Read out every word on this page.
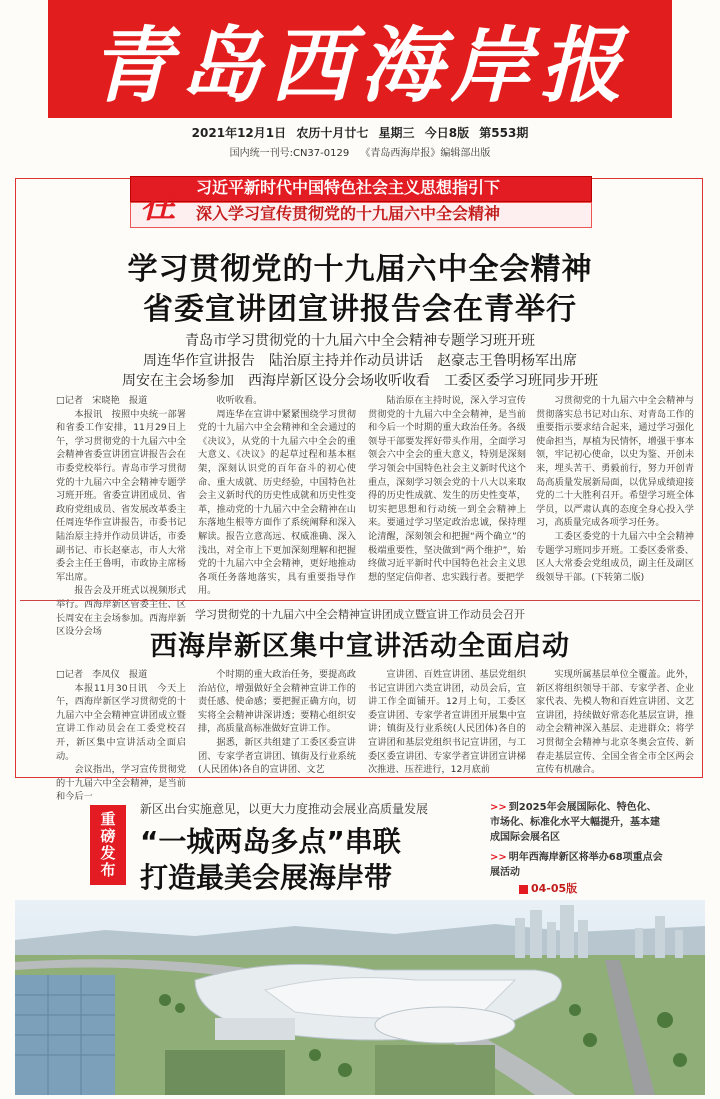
青岛西海岸报
2021年12月1日 农历十月廿七 星期三 今日8版 第553期
国内统一刊号:CN37-0129 《青岛西海岸报》编辑部出版
在	习近平新时代中国特色社会主义思想指引下
深入学习宣传贯彻党的十九届六中全会精神
学习贯彻党的十九届六中全会精神
省委宣讲团宣讲报告会在青举行
青岛市学习贯彻党的十九届六中全会精神专题学习班开班
周连华作宣讲报告　陆治原主持并作动员讲话　赵豪志王鲁明杨军出席
周安在主会场参加　西海岸新区设分会场收听收看　工委区委学习班同步开班

□记者　宋晓艳　报道

本报讯　按照中央统一部署和省委工作安排，11月29日上午，学习贯彻党的十九届六中全会精神省委宣讲团宣讲报告会在市委党校举行。青岛市学习贯彻党的十九届六中全会精神专题学习班开班。省委宣讲团成员、省政府党组成员、省发展改革委主任周连华作宣讲报告，市委书记陆治原主持并作动员讲话，市委副书记、市长赵豪志，市人大常委会主任王鲁明，市政协主席杨军出席。

报告会及开班式以视频形式举行。西海岸新区管委主任、区长周安在主会场参加。西海岸新区设分会场

收听收看。

周连华在宣讲中紧紧围绕学习贯彻党的十九届六中全会精神和全会通过的《决议》，从党的十九届六中全会的重大意义、《决议》的起草过程和基本框架，深刻认识党的百年奋斗的初心使命、重大成就、历史经验，中国特色社会主义新时代的历史性成就和历史性变革，推动党的十九届六中全会精神在山东落地生根等方面作了系统阐释和深入解读。报告立意高远、权威准确、深入浅出，对全市上下更加深刻理解和把握党的十九届六中全会精神，更好地推动各项任务落地落实，具有重要指导作用。

陆治原在主持时说，深入学习宣传贯彻党的十九届六中全会精神，是当前和今后一个时期的重大政治任务。各级领导干部要发挥好带头作用，全面学习领会六中全会的重大意义，特别是深刻学习领会中国特色社会主义新时代这个重点，深刻学习领会党的十八大以来取得的历史性成就、发生的历史性变革，切实把思想和行动统一到全会精神上来。要通过学习坚定政治忠诚，保持理论清醒，深刻领会和把握“两个确立”的极端重要性，坚决做到“两个维护”，始终做习近平新时代中国特色社会主义思想的坚定信仰者、忠实践行者。要把学

习贯彻党的十九届六中全会精神与贯彻落实总书记对山东、对青岛工作的重要指示要求结合起来，通过学习强化使命担当，厚植为民情怀，增强干事本领，牢记初心使命，以史为鉴、开创未来，埋头苦干、勇毅前行，努力开创青岛高质量发展新局面，以优异成绩迎接党的二十大胜利召开。希望学习班全体学员，以严肃认真的态度全身心投入学习，高质量完成各项学习任务。

工委区委党的十九届六中全会精神专题学习班同步开班。工委区委常委、区人大常委会党组成员，副主任及副区级领导干部。(下转第二版)

学习贯彻党的十九届六中全会精神宣讲团成立暨宣讲工作动员会召开
西海岸新区集中宣讲活动全面启动

□记者　李凤仪　报道

本报11月30日讯　今天上午，西海岸新区学习贯彻党的十九届六中全会精神宣讲团成立暨宣讲工作动员会在工委党校召开，新区集中宣讲活动全面启动。

会议指出，学习宣传贯彻党的十九届六中全会精神，是当前和今后一

个时期的重大政治任务，要提高政治站位，增强做好全会精神宣讲工作的责任感、使命感；要把握正确方向，切实将全会精神讲深讲透；要精心组织安排，高质量高标准做好宣讲工作。

据悉，新区共组建了工委区委宣讲团、专家学者宣讲团、镇街及行业系统(人民团体)各自的宣讲团、文艺

宣讲团、百姓宣讲团、基层党组织书记宣讲团六类宣讲团，动员会后，宣讲工作全面铺开。12月上旬，工委区委宣讲团、专家学者宣讲团开展集中宣讲；镇街及行业系统(人民团体)各自的宣讲团和基层党组织书记宣讲团，与工委区委宣讲团、专家学者宣讲团宣讲梯次推进、压茬进行，12月底前

实现所属基层单位全覆盖。此外，新区将组织领导干部、专家学者、企业家代表、先模人物和百姓宣讲团、文艺宣讲团，持续做好常态化基层宣讲，推动全会精神深入基层、走进群众；将学习贯彻全会精神与北京冬奥会宣传、新春走基层宣传、全国全省全市全区两会宣传有机融合。

重磅发布
新区出台实施意见，以更大力度推动会展业高质量发展
“一城两岛多点”串联
打造最美会展海岸带
>> 到2025年会展国际化、特色化、市场化、标准化水平大幅提升，基本建成国际会展名区
>> 明年西海岸新区将举办68项重点会展活动
04-05版
